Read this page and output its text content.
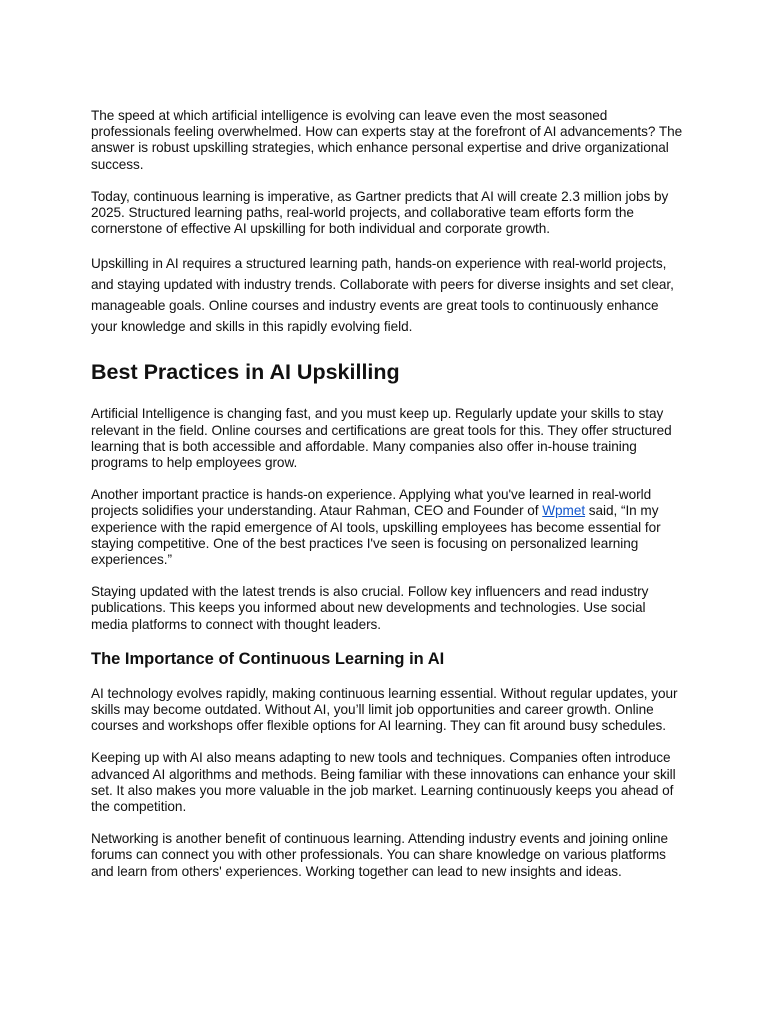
The speed at which artificial intelligence is evolving can leave even the most seasoned professionals feeling overwhelmed. How can experts stay at the forefront of AI advancements? The answer is robust upskilling strategies, which enhance personal expertise and drive organizational success.

Today, continuous learning is imperative, as Gartner predicts that AI will create 2.3 million jobs by 2025. Structured learning paths, real-world projects, and collaborative team efforts form the cornerstone of effective AI upskilling for both individual and corporate growth.

Upskilling in AI requires a structured learning path, hands-on experience with real-world projects, and staying updated with industry trends. Collaborate with peers for diverse insights and set clear, manageable goals. Online courses and industry events are great tools to continuously enhance your knowledge and skills in this rapidly evolving field.

Best Practices in AI Upskilling

Artificial Intelligence is changing fast, and you must keep up. Regularly update your skills to stay relevant in the field. Online courses and certifications are great tools for this. They offer structured learning that is both accessible and affordable. Many companies also offer in-house training programs to help employees grow.

Another important practice is hands-on experience. Applying what you've learned in real-world projects solidifies your understanding. Ataur Rahman, CEO and Founder of Wpmet said, “In my experience with the rapid emergence of AI tools, upskilling employees has become essential for staying competitive. One of the best practices I've seen is focusing on personalized learning experiences.”

Staying updated with the latest trends is also crucial. Follow key influencers and read industry publications. This keeps you informed about new developments and technologies. Use social media platforms to connect with thought leaders.

The Importance of Continuous Learning in AI

AI technology evolves rapidly, making continuous learning essential. Without regular updates, your skills may become outdated. Without AI, you’ll limit job opportunities and career growth. Online courses and workshops offer flexible options for AI learning. They can fit around busy schedules.

Keeping up with AI also means adapting to new tools and techniques. Companies often introduce advanced AI algorithms and methods. Being familiar with these innovations can enhance your skill set. It also makes you more valuable in the job market. Learning continuously keeps you ahead of the competition.

Networking is another benefit of continuous learning. Attending industry events and joining online forums can connect you with other professionals. You can share knowledge on various platforms and learn from others' experiences. Working together can lead to new insights and ideas.
